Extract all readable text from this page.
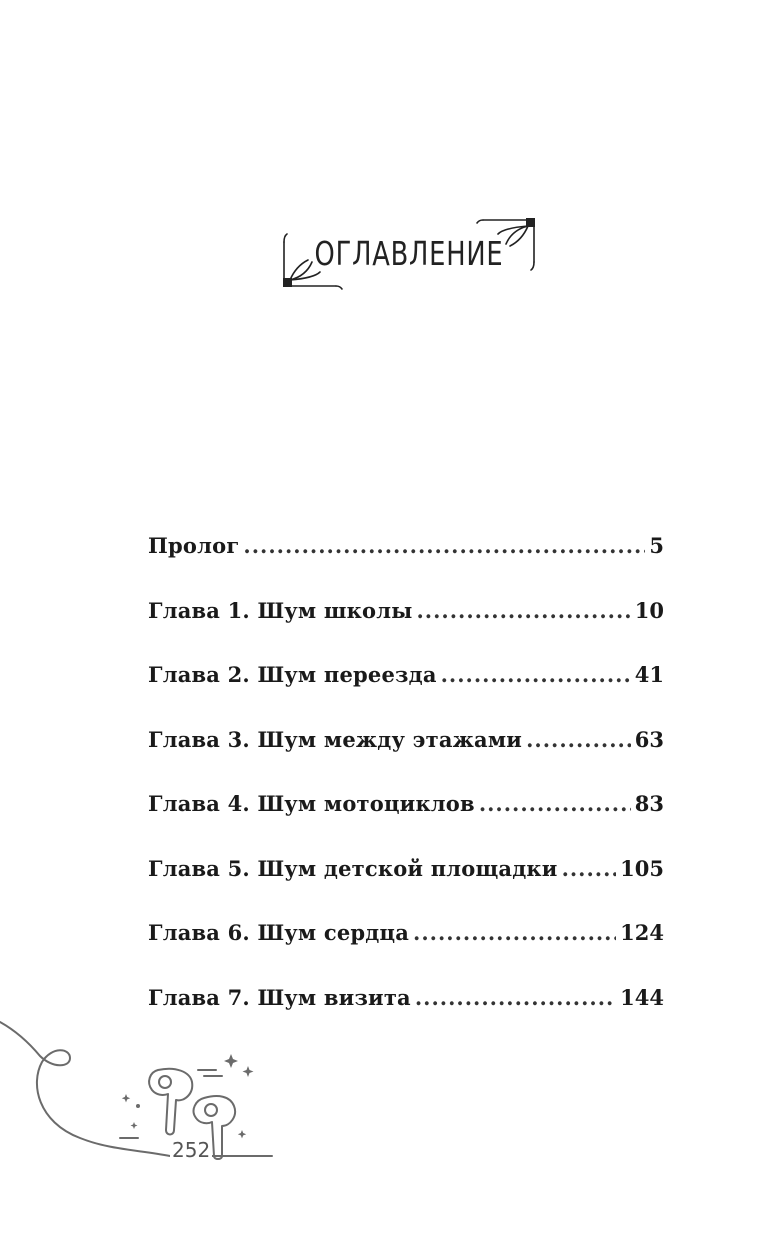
ОГЛАВЛЕНИЕ
Пролог .....	5
Глава 1. Шум школы .....	10
Глава 2. Шум переезда .....	41
Глава 3. Шум между этажами .....	63
Глава 4. Шум мотоциклов .....	83
Глава 5. Шум детской площадки .....	105
Глава 6. Шум сердца .....	124
Глава 7. Шум визита .....	144
252
